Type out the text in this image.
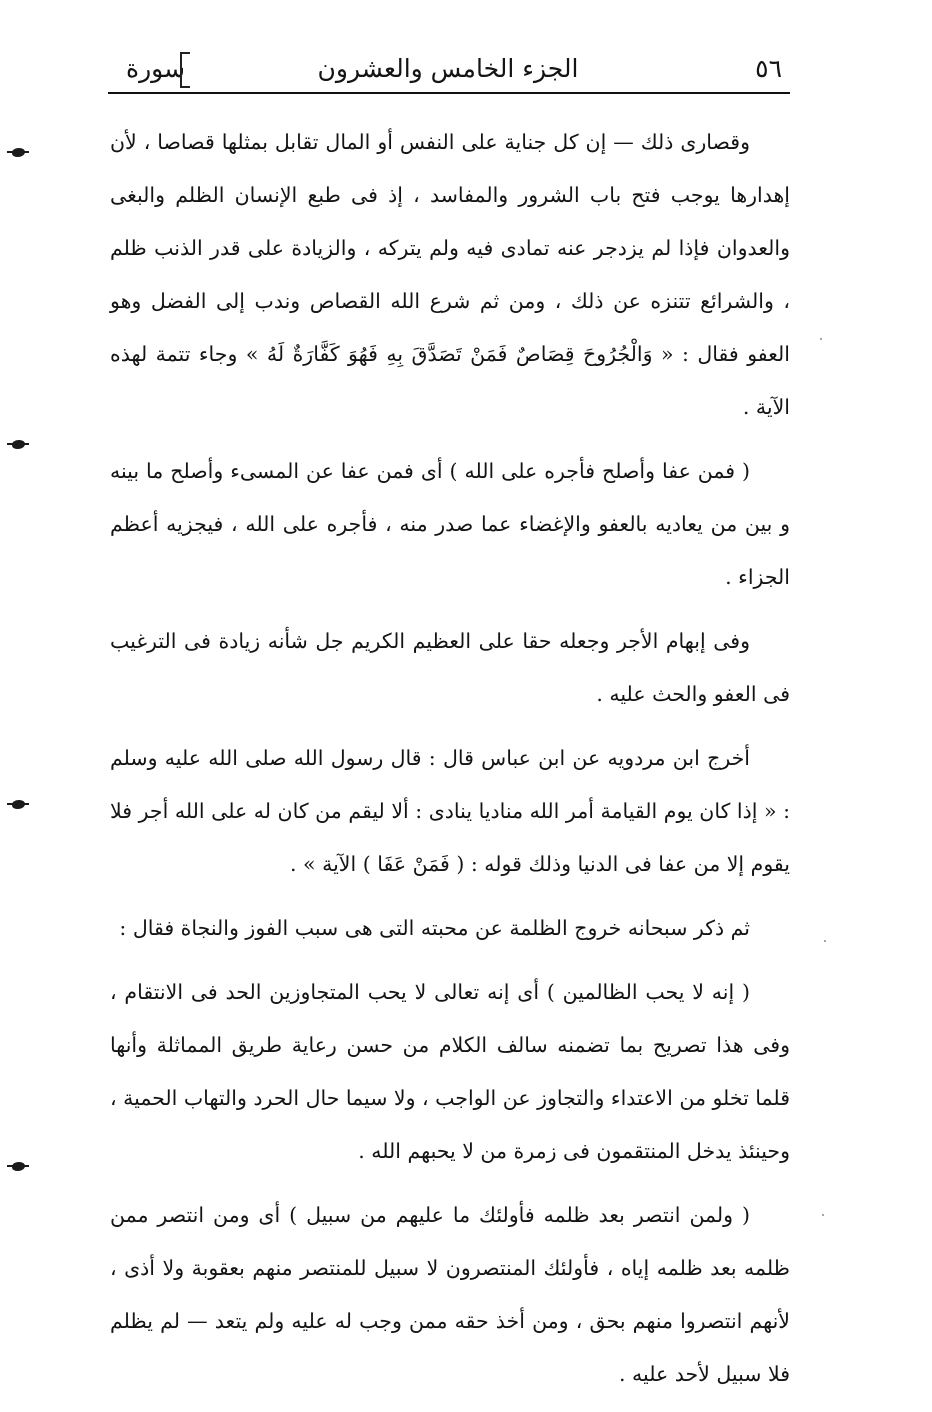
٥٦
الجزء الخامس والعشرون
سورة

وقصارى ذلك — إن كل جناية على النفس أو المال تقابل بمثلها قصاصا ، لأن إهدارها يوجب فتح باب الشرور والمفاسد ، إذ فى طبع الإنسان الظلم والبغى والعدوان فإذا لم يزدجر عنه تمادى فيه ولم يتركه ، والزيادة على قدر الذنب ظلم ، والشرائع تتنزه عن ذلك ، ومن ثم شرع الله القصاص وندب إلى الفضل وهو العفو فقال : « وَالْجُرُوحَ قِصَاصٌ فَمَنْ تَصَدَّقَ بِهِ فَهُوَ كَفَّارَةٌ لَهُ » وجاء تتمة لهذه الآية .

( فمن عفا وأصلح فأجره على الله ) أى فمن عفا عن المسىء وأصلح ما بينه و بين من يعاديه بالعفو والإغضاء عما صدر منه ، فأجره على الله ، فيجزيه أعظم الجزاء .

وفى إبهام الأجر وجعله حقا على العظيم الكريم جل شأنه زيادة فى الترغيب فى العفو والحث عليه .

أخرج ابن مردويه عن ابن عباس قال : قال رسول الله صلى الله عليه وسلم : « إذا كان يوم القيامة أمر الله مناديا ينادى : ألا ليقم من كان له على الله أجر فلا يقوم إلا من عفا فى الدنيا وذلك قوله : ( فَمَنْ عَفَا ) الآية » .

ثم ذكر سبحانه خروج الظلمة عن محبته التى هى سبب الفوز والنجاة فقال :

( إنه لا يحب الظالمين ) أى إنه تعالى لا يحب المتجاوزين الحد فى الانتقام ، وفى هذا تصريح بما تضمنه سالف الكلام من حسن رعاية طريق المماثلة وأنها قلما تخلو من الاعتداء والتجاوز عن الواجب ، ولا سيما حال الحرد والتهاب الحمية ، وحينئذ يدخل المنتقمون فى زمرة من لا يحبهم الله .

( ولمن انتصر بعد ظلمه فأولئك ما عليهم من سبيل ) أى ومن انتصر ممن ظلمه بعد ظلمه إياه ، فأولئك المنتصرون لا سبيل للمنتصر منهم بعقوبة ولا أذى ، لأنهم انتصروا منهم بحق ، ومن أخذ حقه ممن وجب له عليه ولم يتعد — لم يظلم فلا سبيل لأحد عليه .
